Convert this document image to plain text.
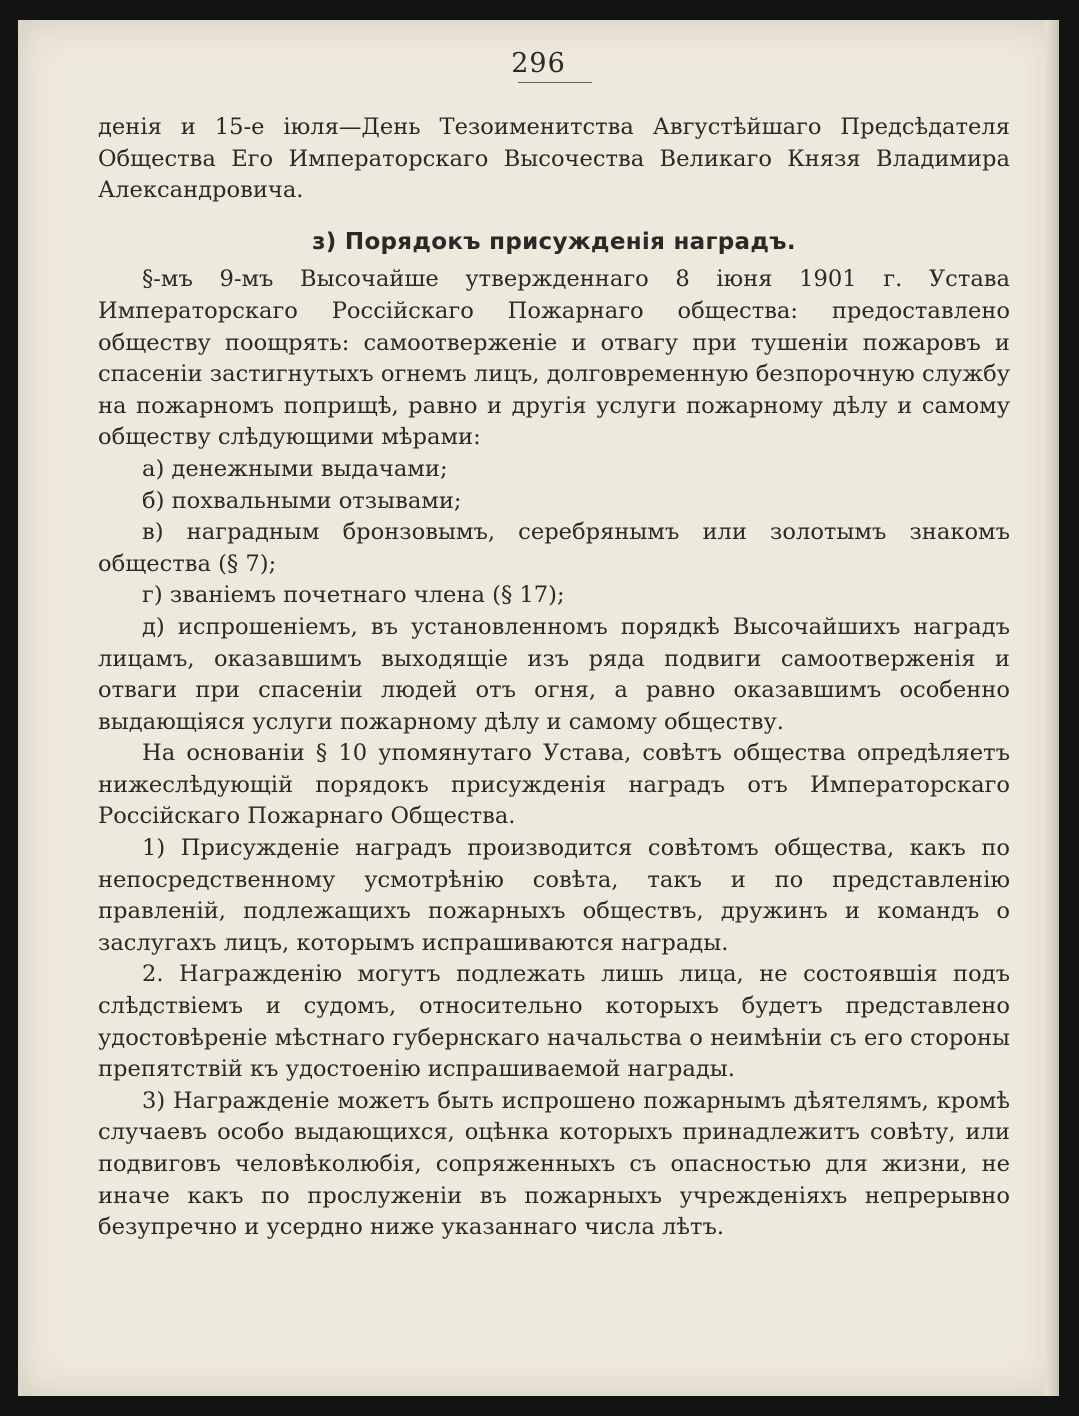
296

денія и 15-е іюля—День Тезоименитства Августѣйшаго Предсѣдателя Общества Его Императорскаго Высочества Великаго Князя Владимира Александровича.

з) Порядокъ присужденія наградъ.

§-мъ 9-мъ Высочайше утвержденнаго 8 іюня 1901 г. Устава Императорскаго Россійскаго Пожарнаго общества: предоставлено обществу поощрять: самоотверженіе и отвагу при тушеніи пожаровъ и спасеніи застигнутыхъ огнемъ лицъ, долговременную безпорочную службу на пожарномъ поприщѣ, равно и другія услуги пожарному дѣлу и самому обществу слѣдующими мѣрами:

а) денежными выдачами;

б) похвальными отзывами;

в) наградным бронзовымъ, серебрянымъ или золотымъ знакомъ общества (§ 7);

г) званіемъ почетнаго члена (§ 17);

д) испрошеніемъ, въ установленномъ порядкѣ Высочайшихъ наградъ лицамъ, оказавшимъ выходящіе изъ ряда подвиги самоотверженія и отваги при спасеніи людей отъ огня, а равно оказавшимъ особенно выдающіяся услуги пожарному дѣлу и самому обществу.

На основаніи § 10 упомянутаго Устава, совѣтъ общества опредѣляетъ нижеслѣдующій порядокъ присужденія наградъ отъ Императорскаго Россійскаго Пожарнаго Общества.

1) Присужденіе наградъ производится совѣтомъ общества, какъ по непосредственному усмотрѣнію совѣта, такъ и по представленію правленій, подлежащихъ пожарныхъ обществъ, дружинъ и командъ о заслугахъ лицъ, которымъ испрашиваются награды.

2. Награжденію могутъ подлежать лишь лица, не состоявшія подъ слѣдствіемъ и судомъ, относительно которыхъ будетъ представлено удостовѣреніе мѣстнаго губернскаго начальства о неимѣніи съ его стороны препятствій къ удостоенію испрашиваемой награды.

3) Награжденіе можетъ быть испрошено пожарнымъ дѣятелямъ, кромѣ случаевъ особо выдающихся, оцѣнка которыхъ принадлежитъ совѣту, или подвиговъ человѣколюбія, сопряженныхъ съ опасностью для жизни, не иначе какъ по прослуженіи въ пожарныхъ учрежденіяхъ непрерывно безупречно и усердно ниже указаннаго числа лѣтъ.
